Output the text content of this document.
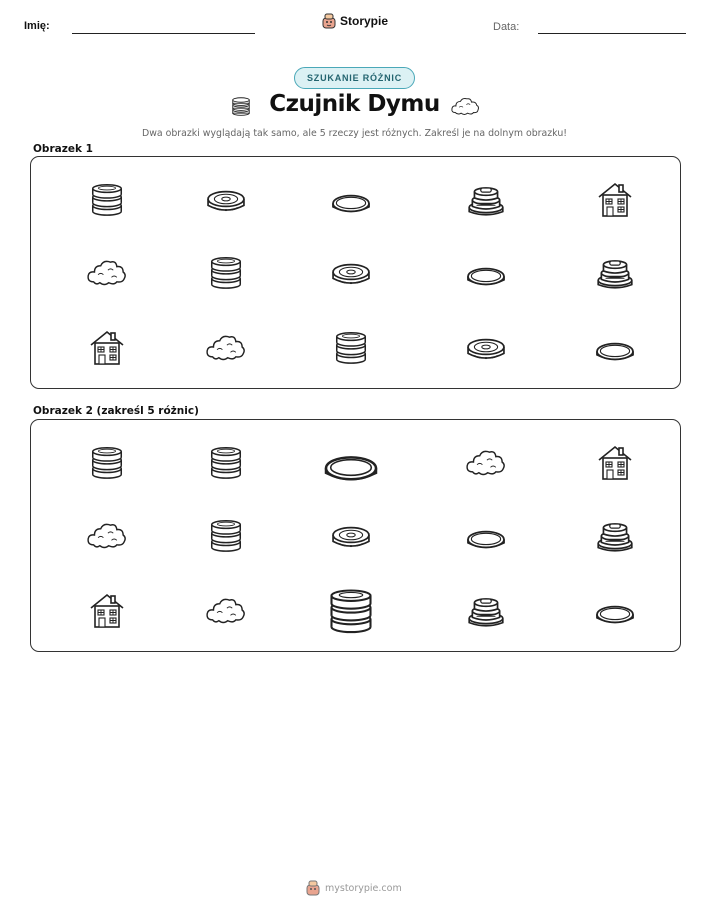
Imię:	Storypie	Data:
SZUKANIE RÓŻNIC
Czujnik Dymu
Dwa obrazki wyglądają tak samo, ale 5 rzeczy jest różnych. Zakreśl je na dolnym obrazku!
Obrazek 1
Obrazek 2 (zakreśl 5 różnic)
mystorypie.com
